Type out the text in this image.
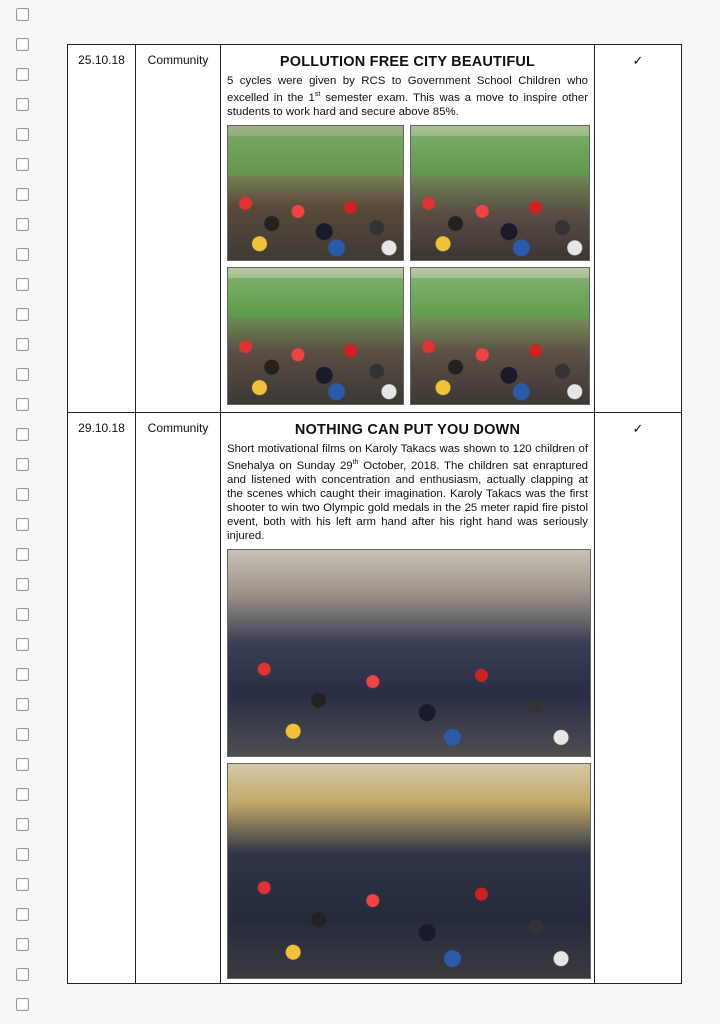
25.10.18	Community	POLLUTION FREE CITY BEAUTIFUL

5 cycles were given by RCS to Government School Children who excelled in the 1st semester exam. This was a move to inspire other students to work hard and secure above 85%.	✓
29.10.18	Community	NOTHING CAN PUT YOU DOWN

Short motivational films on Karoly Takacs was shown to 120 children of Snehalya on Sunday 29th October, 2018. The children sat enraptured and listened with concentration and enthusiasm, actually clapping at the scenes which caught their imagination. Karoly Takacs was the first shooter to win two Olympic gold medals in the 25 meter rapid fire pistol event, both with his left arm hand after his right hand was seriously injured.	✓
